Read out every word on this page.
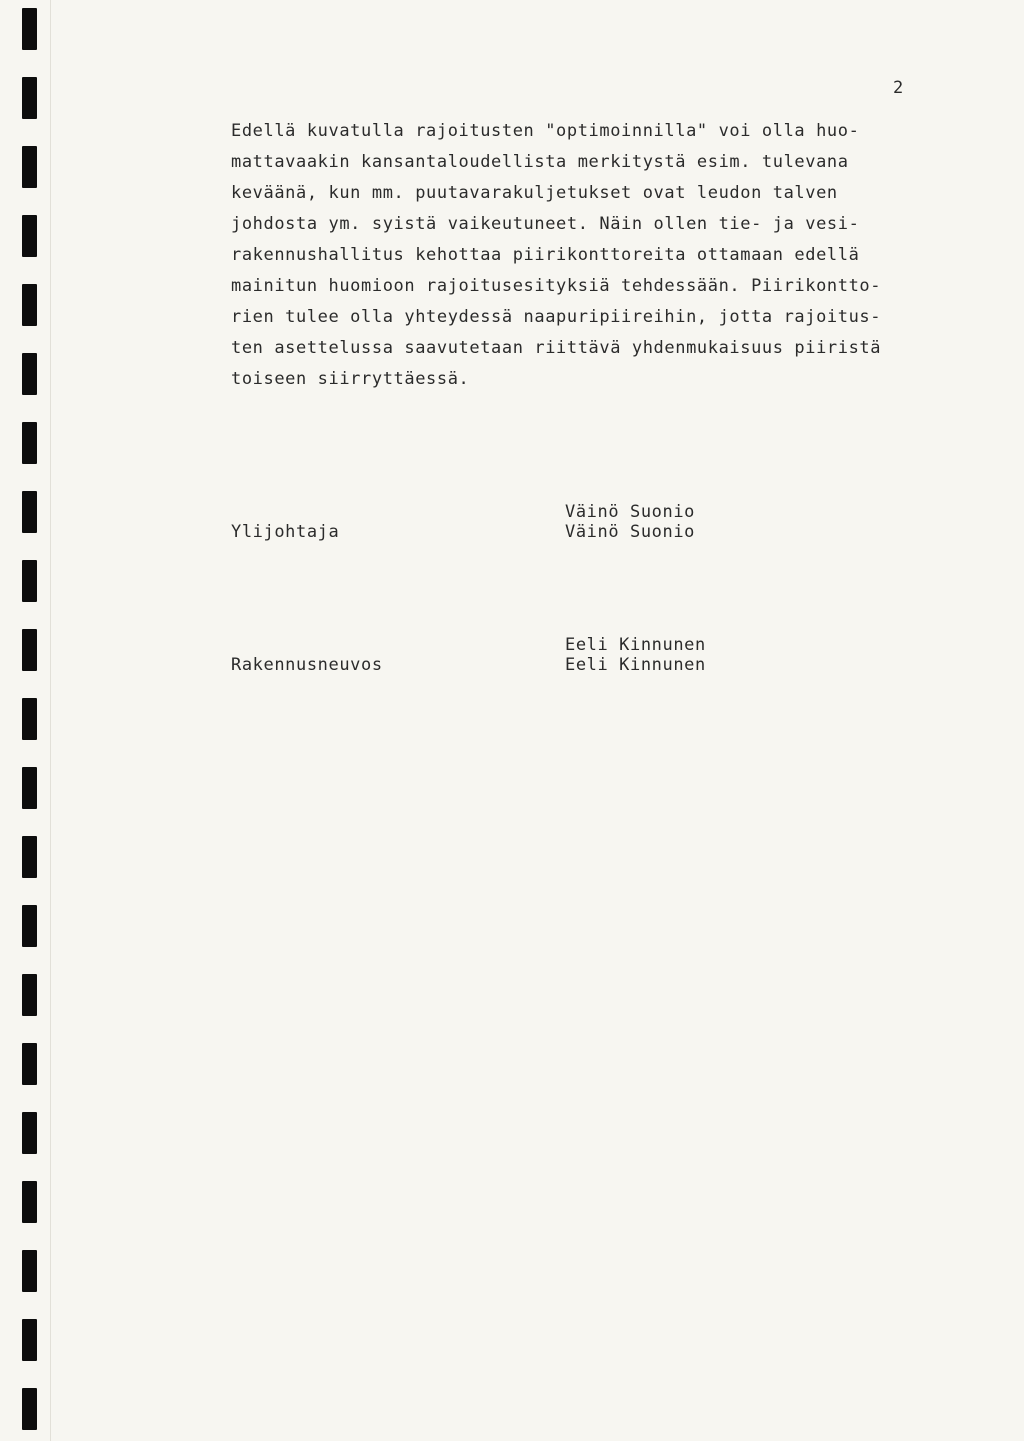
2
Edellä kuvatulla rajoitusten "optimoinnilla" voi olla huo-
mattavaakin kansantaloudellista merkitystä esim. tulevana
keväänä, kun mm. puutavarakuljetukset ovat leudon talven
johdosta ym. syistä vaikeutuneet. Näin ollen tie- ja vesi-
rakennushallitus kehottaa piirikonttoreita ottamaan edellä
mainitun huomioon rajoitusesityksiä tehdessään. Piirikontto-
rien tulee olla yhteydessä naapuripiireihin, jotta rajoitus-
ten asettelussa saavutetaan riittävä yhdenmukaisuus piiristä
toiseen siirryttäessä.
Ylijohtaja
Väinö Suonio
Väinö Suonio
Rakennusneuvos
Eeli Kinnunen
Eeli Kinnunen
